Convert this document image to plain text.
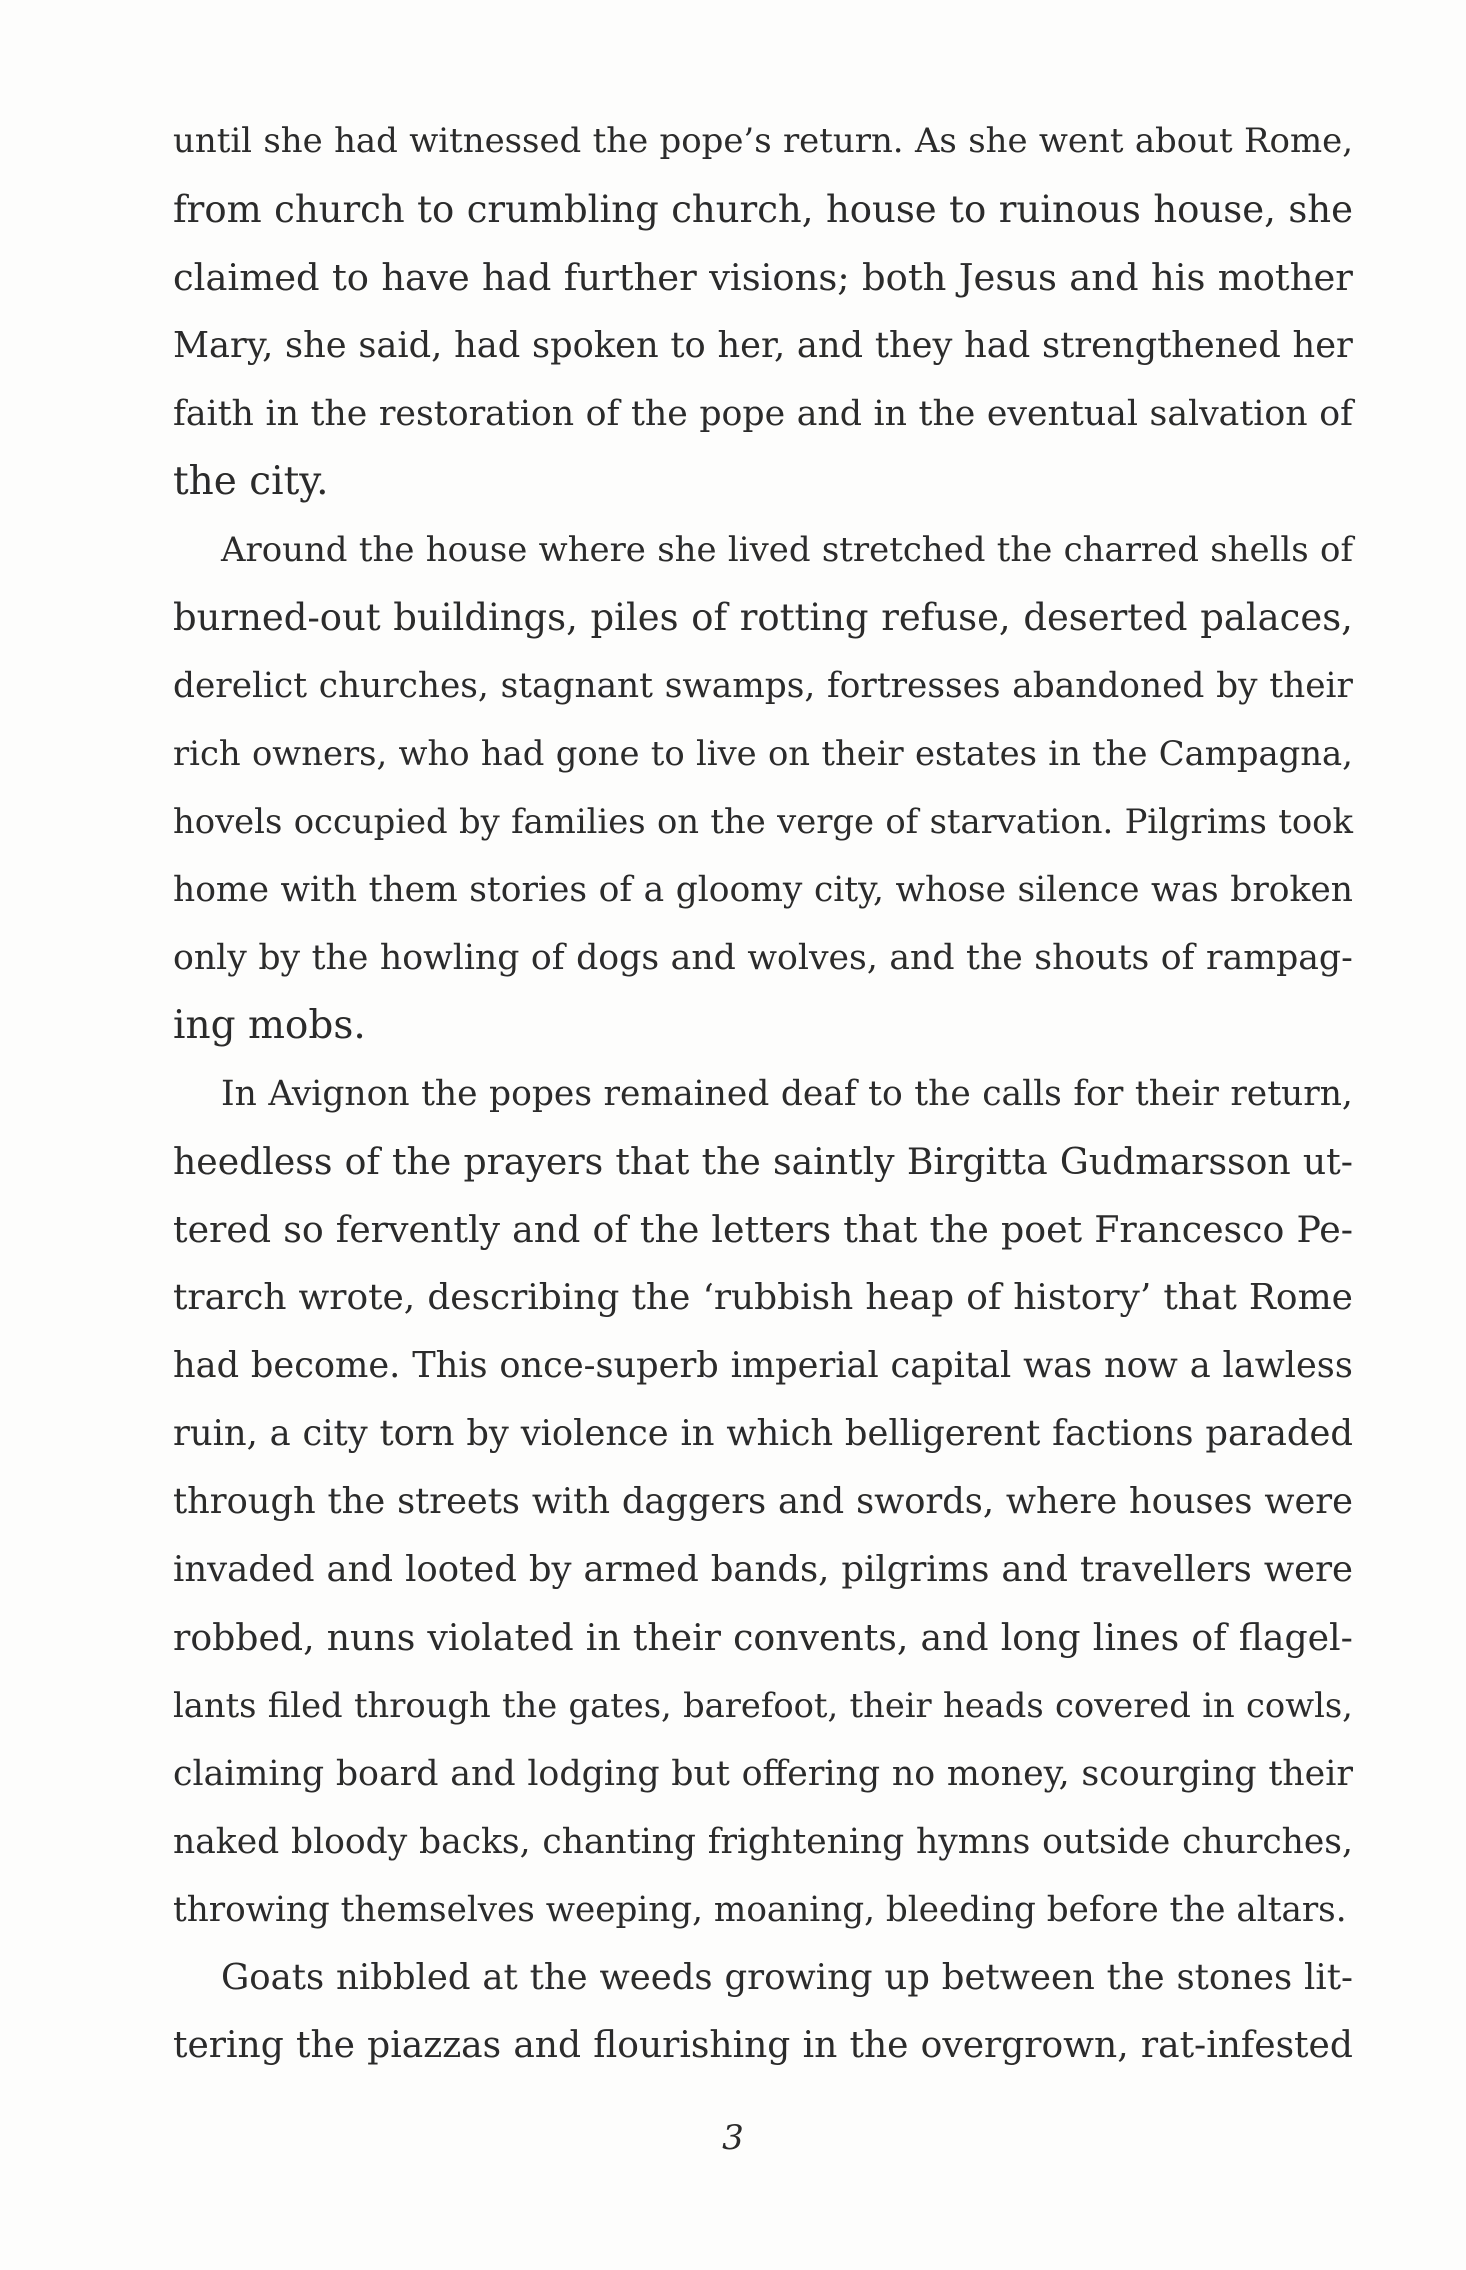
until she had witnessed the pope’s return. As she went about Rome,

from church to crumbling church, house to ruinous house, she

claimed to have had further visions; both Jesus and his mother

Mary, she said, had spoken to her, and they had strengthened her

faith in the restoration of the pope and in the eventual salvation of

the city.

Around the house where she lived stretched the charred shells of

burned-out buildings, piles of rotting refuse, deserted palaces,

derelict churches, stagnant swamps, fortresses abandoned by their

rich owners, who had gone to live on their estates in the Campagna,

hovels occupied by families on the verge of starvation. Pilgrims took

home with them stories of a gloomy city, whose silence was broken

only by the howling of dogs and wolves, and the shouts of rampag-

ing mobs.

In Avignon the popes remained deaf to the calls for their return,

heedless of the prayers that the saintly Birgitta Gudmarsson ut-

tered so fervently and of the letters that the poet Francesco Pe-

trarch wrote, describing the ‘rubbish heap of history’ that Rome

had become. This once-superb imperial capital was now a lawless

ruin, a city torn by violence in which belligerent factions paraded

through the streets with daggers and swords, where houses were

invaded and looted by armed bands, pilgrims and travellers were

robbed, nuns violated in their convents, and long lines of flagel-

lants filed through the gates, barefoot, their heads covered in cowls,

claiming board and lodging but offering no money, scourging their

naked bloody backs, chanting frightening hymns outside churches,

throwing themselves weeping, moaning, bleeding before the altars.

Goats nibbled at the weeds growing up between the stones lit-

tering the piazzas and flourishing in the overgrown, rat-infested

3
